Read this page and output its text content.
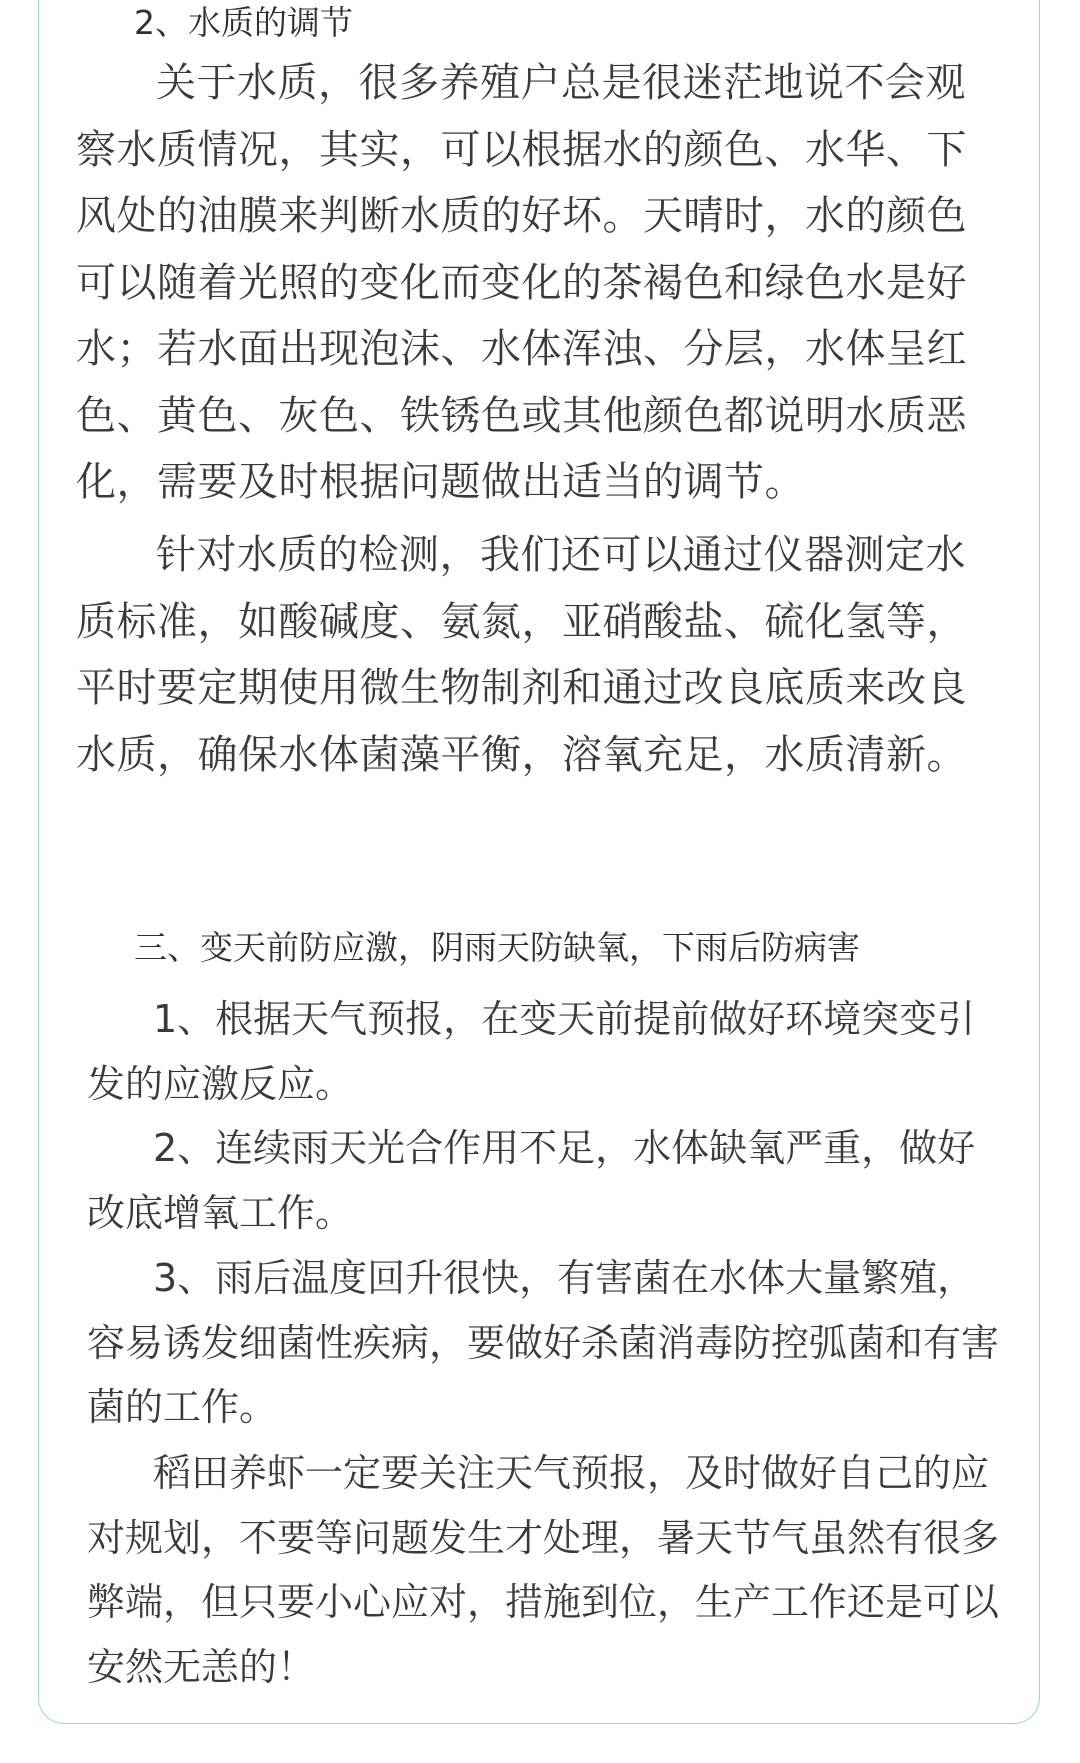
2、水质的调节

关于水质，很多养殖户总是很迷茫地说不会观察水质情况，其实，可以根据水的颜色、水华、下风处的油膜来判断水质的好坏。天晴时，水的颜色可以随着光照的变化而变化的茶褐色和绿色水是好水；若水面出现泡沫、水体浑浊、分层，水体呈红色、黄色、灰色、铁锈色或其他颜色都说明水质恶化，需要及时根据问题做出适当的调节。

针对水质的检测，我们还可以通过仪器测定水质标准，如酸碱度、氨氮，亚硝酸盐、硫化氢等，平时要定期使用微生物制剂和通过改良底质来改良水质，确保水体菌藻平衡，溶氧充足，水质清新。

三、变天前防应激，阴雨天防缺氧，下雨后防病害

1、根据天气预报，在变天前提前做好环境突变引发的应激反应。

2、连续雨天光合作用不足，水体缺氧严重，做好改底增氧工作。

3、雨后温度回升很快，有害菌在水体大量繁殖，容易诱发细菌性疾病，要做好杀菌消毒防控弧菌和有害菌的工作。

稻田养虾一定要关注天气预报，及时做好自己的应对规划，不要等问题发生才处理，暑天节气虽然有很多弊端，但只要小心应对，措施到位，生产工作还是可以安然无恙的！
